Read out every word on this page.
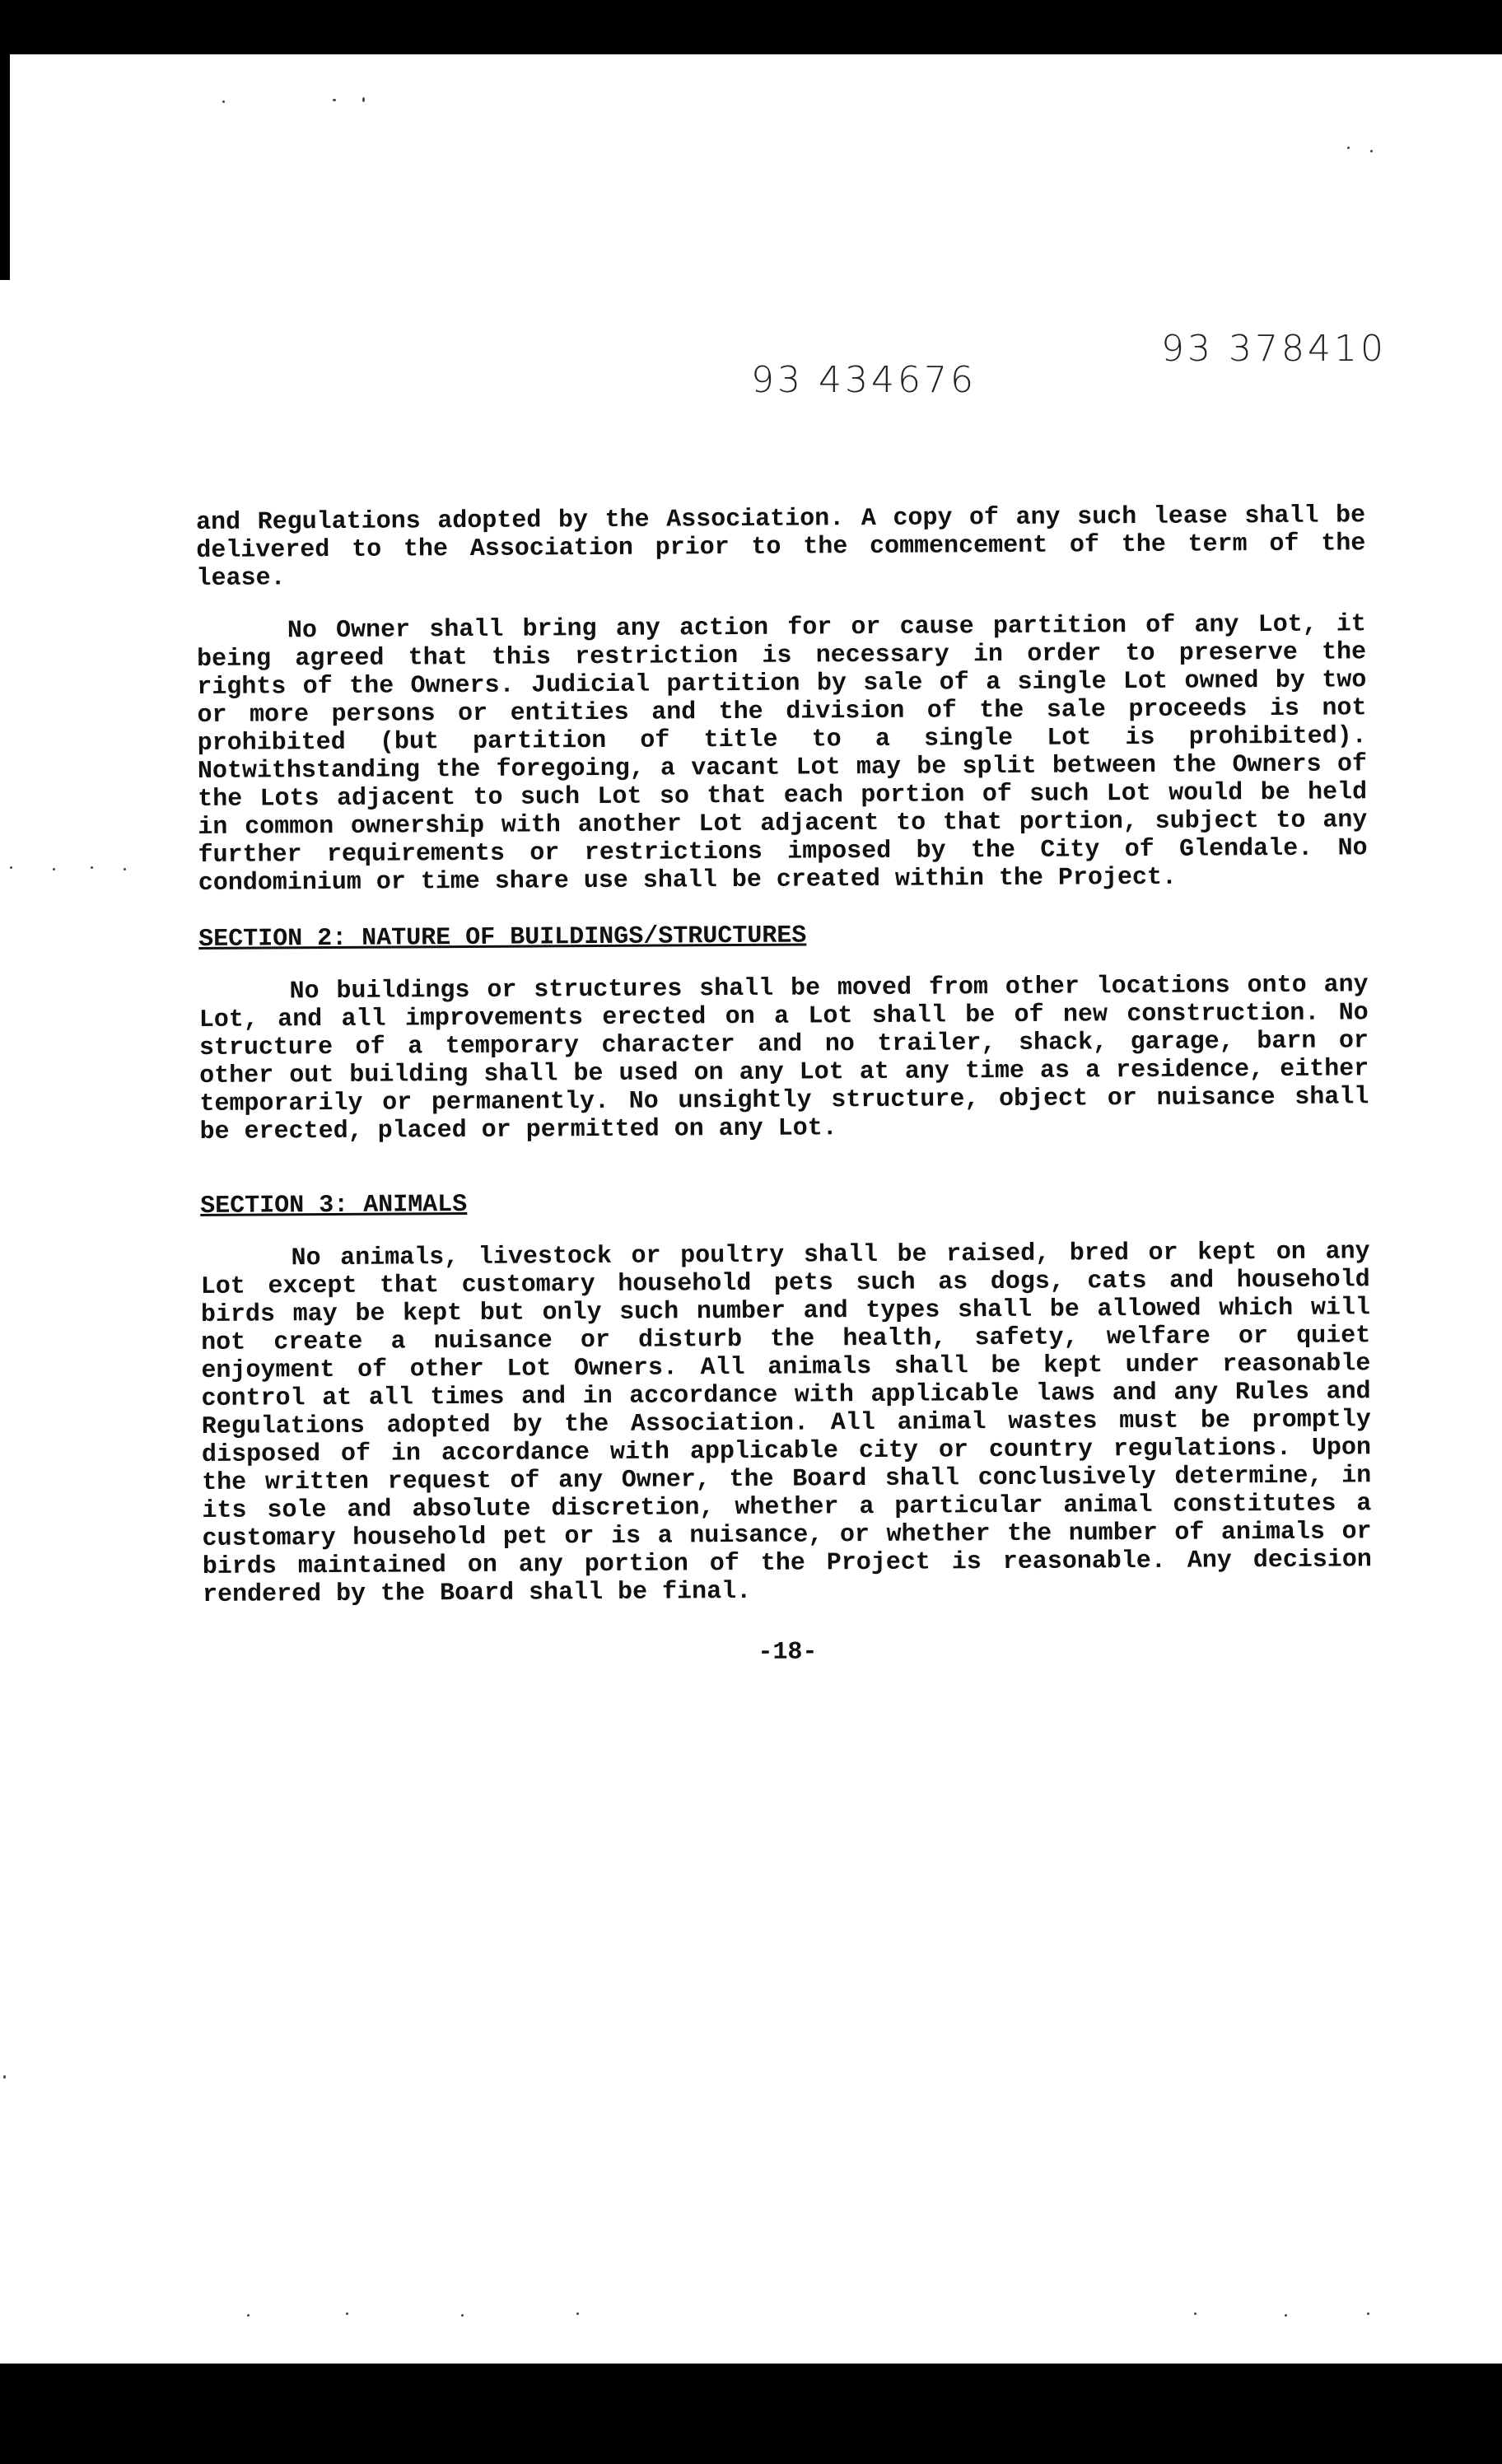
93 378410
93 434676

and Regulations adopted by the Association. A copy of any such lease shall be delivered to the Association prior to the commencement of the term of the lease.

No Owner shall bring any action for or cause partition of any Lot, it being agreed that this restriction is necessary in order to preserve the rights of the Owners. Judicial partition by sale of a single Lot owned by two or more persons or entities and the division of the sale proceeds is not prohibited (but partition of title to a single Lot is prohibited). Notwithstanding the foregoing, a vacant Lot may be split between the Owners of the Lots adjacent to such Lot so that each portion of such Lot would be held in common ownership with another Lot adjacent to that portion, subject to any further requirements or restrictions imposed by the City of Glendale. No condominium or time share use shall be created within the Project.

SECTION 2: NATURE OF BUILDINGS/STRUCTURES

No buildings or structures shall be moved from other locations onto any Lot, and all improvements erected on a Lot shall be of new construction. No structure of a temporary character and no trailer, shack, garage, barn or other out building shall be used on any Lot at any time as a residence, either temporarily or permanently. No unsightly structure, object or nuisance shall be erected, placed or permitted on any Lot.

SECTION 3: ANIMALS

No animals, livestock or poultry shall be raised, bred or kept on any Lot except that customary household pets such as dogs, cats and household birds may be kept but only such number and types shall be allowed which will not create a nuisance or disturb the health, safety, welfare or quiet enjoyment of other Lot Owners. All animals shall be kept under reasonable control at all times and in accordance with applicable laws and any Rules and Regulations adopted by the Association. All animal wastes must be promptly disposed of in accordance with applicable city or country regulations. Upon the written request of any Owner, the Board shall conclusively determine, in its sole and absolute discretion, whether a particular animal constitutes a customary household pet or is a nuisance, or whether the number of animals or birds maintained on any portion of the Project is reasonable. Any decision rendered by the Board shall be final.

-18-
